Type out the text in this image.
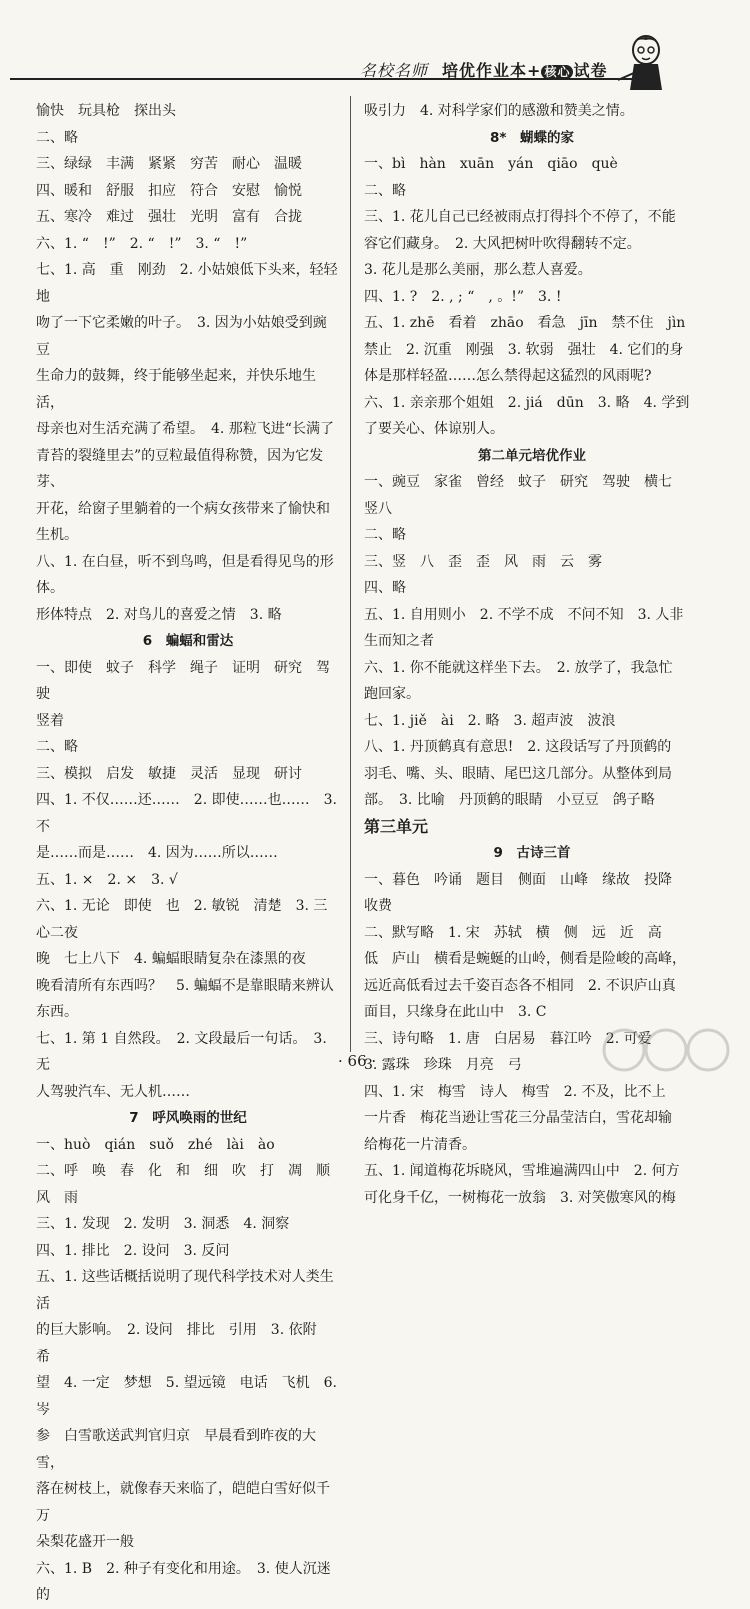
名校名师 培优作业本+ 核心 试卷
愉快　玩具枪　探出头
二、略
三、绿绿　丰满　紧紧　穷苦　耐心　温暖
四、暖和　舒服　扣应　符合　安慰　愉悦
五、寒冷　难过　强壮　光明　富有　合拢
六、1. “　!”　2. “　!”　3. “　!”
七、1. 高　重　刚劲　2. 小姑娘低下头来，轻轻地
吻了一下它柔嫩的叶子。　3. 因为小姑娘受到豌豆
生命力的鼓舞，终于能够坐起来，并快乐地生活，
母亲也对生活充满了希望。　4. 那粒飞进“长满了
青苔的裂缝里去”的豆粒最值得称赞，因为它发芽、
开花，给窗子里躺着的一个病女孩带来了愉快和
生机。
八、1. 在白昼，听不到鸟鸣，但是看得见鸟的形体。
形体特点　2. 对鸟儿的喜爱之情　3. 略
6　蝙蝠和雷达
一、即使　蚊子　科学　绳子　证明　研究　驾驶
竖着
二、略
三、模拟　启发　敏捷　灵活　显现　研讨
四、1. 不仅……还……　2. 即使……也……　3. 不
是……而是……　4. 因为……所以……
五、1. ×　2. ×　3. √
六、1. 无论　即使　也　2. 敏锐　清楚　3. 三心二夜
晚　七上八下　4. 蝙蝠眼睛复杂在漆黑的夜
晚看清所有东西吗？　5. 蝙蝠不是靠眼睛来辨认
东西。
七、1. 第 1 自然段。　2. 文段最后一句话。　3. 无
人驾驶汽车、无人机……
7　呼风唤雨的世纪
一、huò　qián　suǒ　zhé　lài　ào
二、呼　唤　春　化　和　细　吹　打　凋　顺
风　雨
三、1. 发现　2. 发明　3. 洞悉　4. 洞察
四、1. 排比　2. 设问　3. 反问
五、1. 这些话概括说明了现代科学技术对人类生活
的巨大影响。　2. 设问　排比　引用　3. 依附　希
望　4. 一定　梦想　5. 望远镜　电话　飞机　6. 岑
参　白雪歌送武判官归京　早晨看到昨夜的大雪，
落在树枝上，就像春天来临了，皑皑白雪好似千万
朵梨花盛开一般
六、1. B　2. 种子有变化和用途。　3. 使人沉迷的
吸引力　4. 对科学家们的感激和赞美之情。
8*　蝴蝶的家
一、bì　hàn　xuān　yán　qiāo　què
二、略
三、1. 花儿自己已经被雨点打得抖个不停了，不能
容它们藏身。　2. 大风把树叶吹得翻转不定。
3. 花儿是那么美丽，那么惹人喜爱。
四、1. ?　2. , ; “　, 。!”　3. !
五、1. zhē　看着　zhāo　看急　jīn　禁不住　jìn
禁止　2. 沉重　刚强　3. 软弱　强壮　4. 它们的身
体是那样轻盈……怎么禁得起这猛烈的风雨呢?
六、1. 亲亲那个姐姐　2. jiá　dūn　3. 略　4. 学到
了要关心、体谅别人。
第二单元培优作业
一、豌豆　家雀　曾经　蚊子　研究　驾驶　横七
竖八
二、略
三、竖　八　歪　歪　风　雨　云　雾
四、略
五、1. 自用则小　2. 不学不成　不问不知　3. 人非
生而知之者
六、1. 你不能就这样坐下去。　2. 放学了，我急忙
跑回家。
七、1. jiě　ài　2. 略　3. 超声波　波浪
八、1. 丹顶鹤真有意思!　2. 这段话写了丹顶鹤的
羽毛、嘴、头、眼睛、尾巴这几部分。从整体到局
部。　3. 比喻　丹顶鹤的眼睛　小豆豆　鸽子略
第三单元
9　古诗三首
一、暮色　吟诵　题目　侧面　山峰　缘故　投降
收费
二、默写略　1. 宋　苏轼　横　侧　远　近　高
低　庐山　横看是蜿蜒的山岭，侧看是险峻的高峰，
远近高低看过去千姿百态各不相同　2. 不识庐山真
面目，只缘身在此山中　3. C
三、诗句略　1. 唐　白居易　暮江吟　2. 可爱
3. 露珠　珍珠　月亮　弓
四、1. 宋　梅雪　诗人　梅雪　2. 不及，比不上
一片香　梅花当逊让雪花三分晶莹洁白，雪花却输
给梅花一片清香。
五、1. 闻道梅花坼晓风，雪堆遍满四山中　2. 何方
可化身千亿，一树梅花一放翁　3. 对笑傲寒风的梅
· 66 ·
